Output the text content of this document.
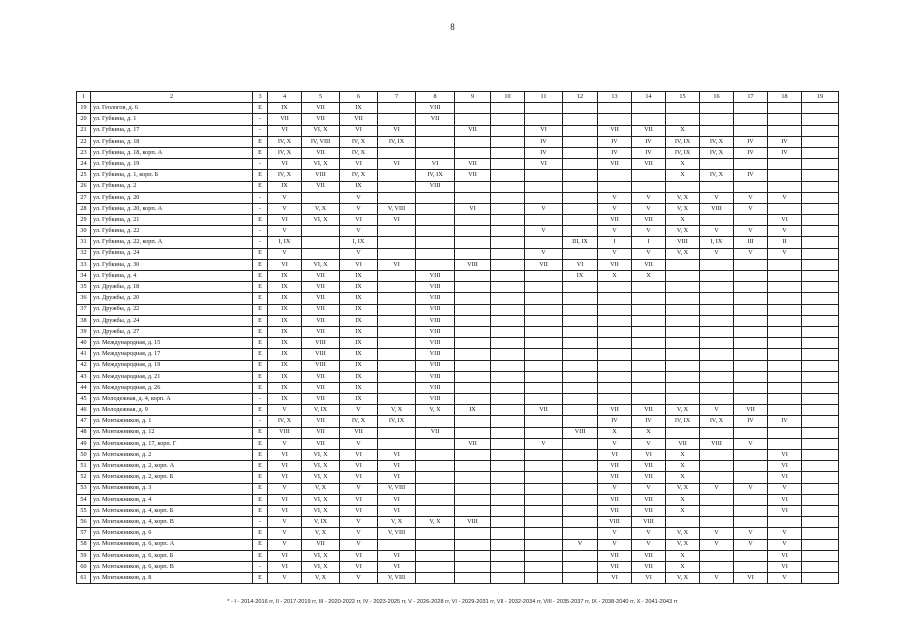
8
1	2	3	4	5	6	7	8	9	10	11	12	13	14	15	16	17	18	19
19	ул. Геологов, д. 6	Е	IX	VII	IX		VIII											
20	ул. Губкина, д. 1	-	VII	VII	VII		VII											
21	ул. Губкина, д. 17	-	VI	VI, X	VI	VI		VII		VI		VII	VII	X				
22	ул. Губкина, д. 18	Е	IV, X	IV, VIII	IV, X	IV, IX				IV		IV	IV	IV, IX	IV, X	IV	IV	
23	ул. Губкина, д. 18, корп. А	Е	IV, X	VII	IV, X					IV		IV	IV	IV, IX	IV, X	IV	IV	
24	ул. Губкина, д. 19	-	VI	VI, X	VI	VI	VI	VII		VI		VII	VII	X				
25	ул. Губкина, д. 1, корп. Б	Е	IV, X	VIII	IV, X		IV, IX	VII						X	IV, X	IV		
26	ул. Губкина, д. 2	Е	IX	VII	IX		VIII											
27	ул. Губкина, д. 20	-	V		V							V	V	V, X	V	V	V	
28	ул. Губкина, д. 20, корп. А	-	V	V, X	V	V, VIII		VI		V		V	V	V, X	VIII	V		
29	ул. Губкина, д. 21	Е	VI	VI, X	VI	VI						VII	VII	X			VI	
30	ул. Губкина, д. 22	-	V		V					V		V	V	V, X	V	V	V	
31	ул. Губкина, д. 22, корп. А	-	I, IX		I, IX						III, IX	I	I	VIII	I, IX	III	II	
32	ул. Губкина, д. 24	Е	V		V					V		V	V	V, X	V	V	V	
33	ул. Губкина, д. 30	Е	VI	VI, X	VI	VI		VIII		VII	VI	VII	VII					
34	ул. Губкина, д. 4	Е	IX	VII	IX		VIII				IX	X	X					
35	ул. Дружбы, д. 18	Е	IX	VII	IX		VIII											
36	ул. Дружбы, д. 20	Е	IX	VII	IX		VIII											
37	ул. Дружбы, д. 22	Е	IX	VII	IX		VIII											
38	ул. Дружбы, д. 24	Е	IX	VII	IX		VIII											
39	ул. Дружбы, д. 27	Е	IX	VII	IX		VIII											
40	ул. Международная, д. 15	Е	IX	VIII	IX		VIII											
41	ул. Международная, д. 17	Е	IX	VIII	IX		VIII											
42	ул. Международная, д. 19	Е	IX	VIII	IX		VIII											
43	ул. Международная, д. 21	Е	IX	VII	IX		VIII											
44	ул. Международная, д. 26	Е	IX	VII	IX		VIII											
45	ул. Молодежная, д. 4, корп. А	-	IX	VII	IX		VIII											
46	ул. Молодежная, д. 9	Е	V	V, IX	V	V, X	V, X	IX		VII		VII	VII	V, X	V	VII		
47	ул. Монтажников, д. 1	-	IV, X	VII	IV, X	IV, IX						IV	IV	IV, IX	IV, X	IV	IV	
48	ул. Монтажников, д. 12	Е	VIII	VII	VII		VII				VIII	X	X					
49	ул. Монтажников, д. 17, корп. Г	Е	V	VII	V			VII		V		V	V	VII	VIII	V		
50	ул. Монтажников, д. 2	Е	VI	VI, X	VI	VI						VI	VI	X			VI	
51	ул. Монтажников, д. 2, корп. А	Е	VI	VI, X	VI	VI						VII	VII	X			VI	
52	ул. Монтажников, д. 2, корп. Б	Е	VI	VI, X	VI	VI						VII	VII	X			VI	
53	ул. Монтажников, д. 3	Е	V	V, X	V	V, VIII						V	V	V, X	V	V	V	
54	ул. Монтажников, д. 4	Е	VI	VI, X	VI	VI						VII	VII	X			VI	
55	ул. Монтажников, д. 4, корп. Б	Е	VI	VI, X	VI	VI						VII	VII	X			VI	
56	ул. Монтажников, д. 4, корп. В	-	V	V, IX	V	V, X	V, X	VIII				VIII	VIII					
57	ул. Монтажников, д. 6	Е	V	V, X	V	V, VIII						V	V	V, X	V	V	V	
58	ул. Монтажников, д. 6, корп. А	Е	V	VII	V						V	V	V	V, X	V	V	V	
59	ул. Монтажников, д. 6, корп. Б	Е	VI	VI, X	VI	VI						VII	VII	X			VI	
60	ул. Монтажников, д. 6, корп. В	-	VI	VI, X	VI	VI						VII	VII	X			VI	
61	ул. Монтажников, д. 8	Е	V	V, X	V	V, VIII						VI	VI	V, X	V	VI	V	
* - I - 2014-2016 гг, II - 2017-2019 гг, III - 2020-2022 гг, IV - 2023-2025 гг, V - 2026-2028 гг, VI - 2029-2031 гг, VII - 2032-2034 гг, VIII - 2035-2037 гг, IX - 2038-2040 гг, X - 2041-2043 гг
